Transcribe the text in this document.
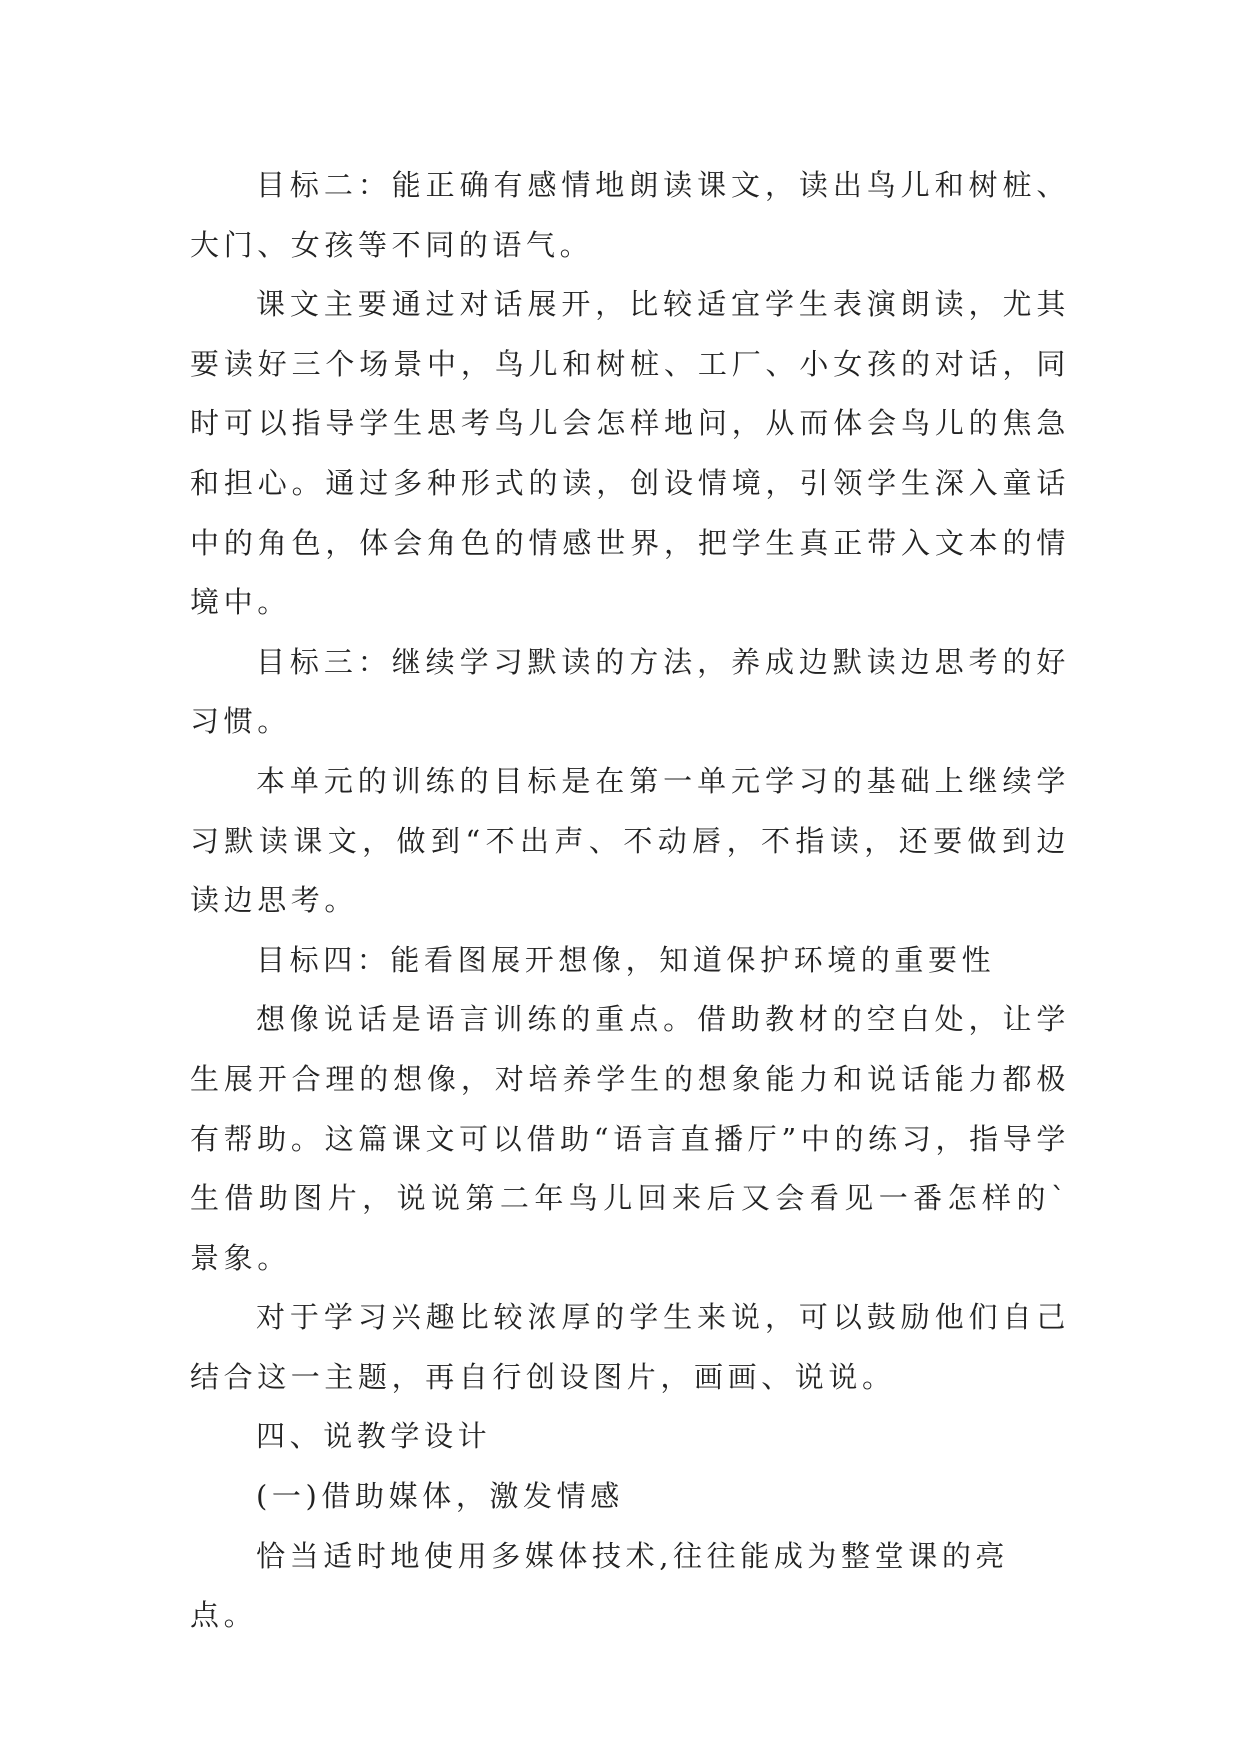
目标二：能正确有感情地朗读课文，读出鸟儿和树桩、大门、女孩等不同的语气。

课文主要通过对话展开，比较适宜学生表演朗读，尤其要读好三个场景中，鸟儿和树桩、工厂、小女孩的对话，同时可以指导学生思考鸟儿会怎样地问，从而体会鸟儿的焦急和担心。通过多种形式的读，创设情境，引领学生深入童话中的角色，体会角色的情感世界，把学生真正带入文本的情境中。

目标三：继续学习默读的方法，养成边默读边思考的好习惯。

本单元的训练的目标是在第一单元学习的基础上继续学习默读课文，做到“不出声、不动唇，不指读，还要做到边读边思考。

目标四：能看图展开想像，知道保护环境的重要性

想像说话是语言训练的重点。借助教材的空白处，让学生展开合理的想像，对培养学生的想象能力和说话能力都极有帮助。这篇课文可以借助“语言直播厅”中的练习，指导学生借助图片，说说第二年鸟儿回来后又会看见一番怎样的`景象。

对于学习兴趣比较浓厚的学生来说，可以鼓励他们自己结合这一主题，再自行创设图片，画画、说说。

四、说教学设计

(一)借助媒体，激发情感

恰当适时地使用多媒体技术,往往能成为整堂课的亮点。
